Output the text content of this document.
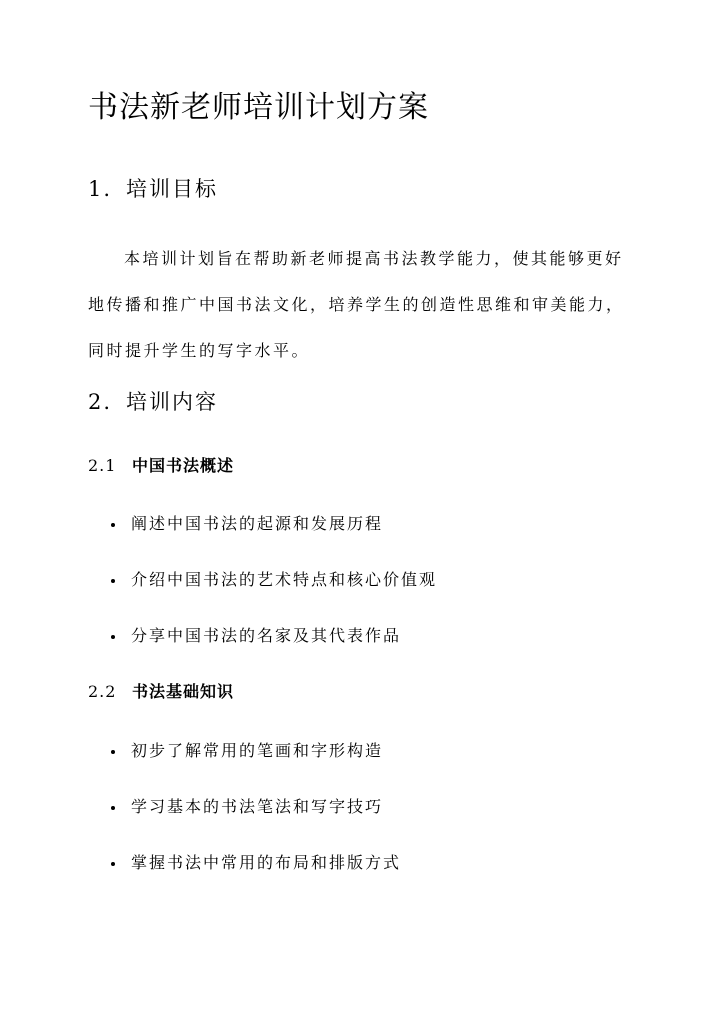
书法新老师培训计划方案
1. 培训目标

本培训计划旨在帮助新老师提高书法教学能力，使其能够更好地传播和推广中国书法文化，培养学生的创造性思维和审美能力，同时提升学生的写字水平。

2. 培训内容
2.1 中国书法概述
阐述中国书法的起源和发展历程
介绍中国书法的艺术特点和核心价值观
分享中国书法的名家及其代表作品
2.2 书法基础知识
初步了解常用的笔画和字形构造
学习基本的书法笔法和写字技巧
掌握书法中常用的布局和排版方式
